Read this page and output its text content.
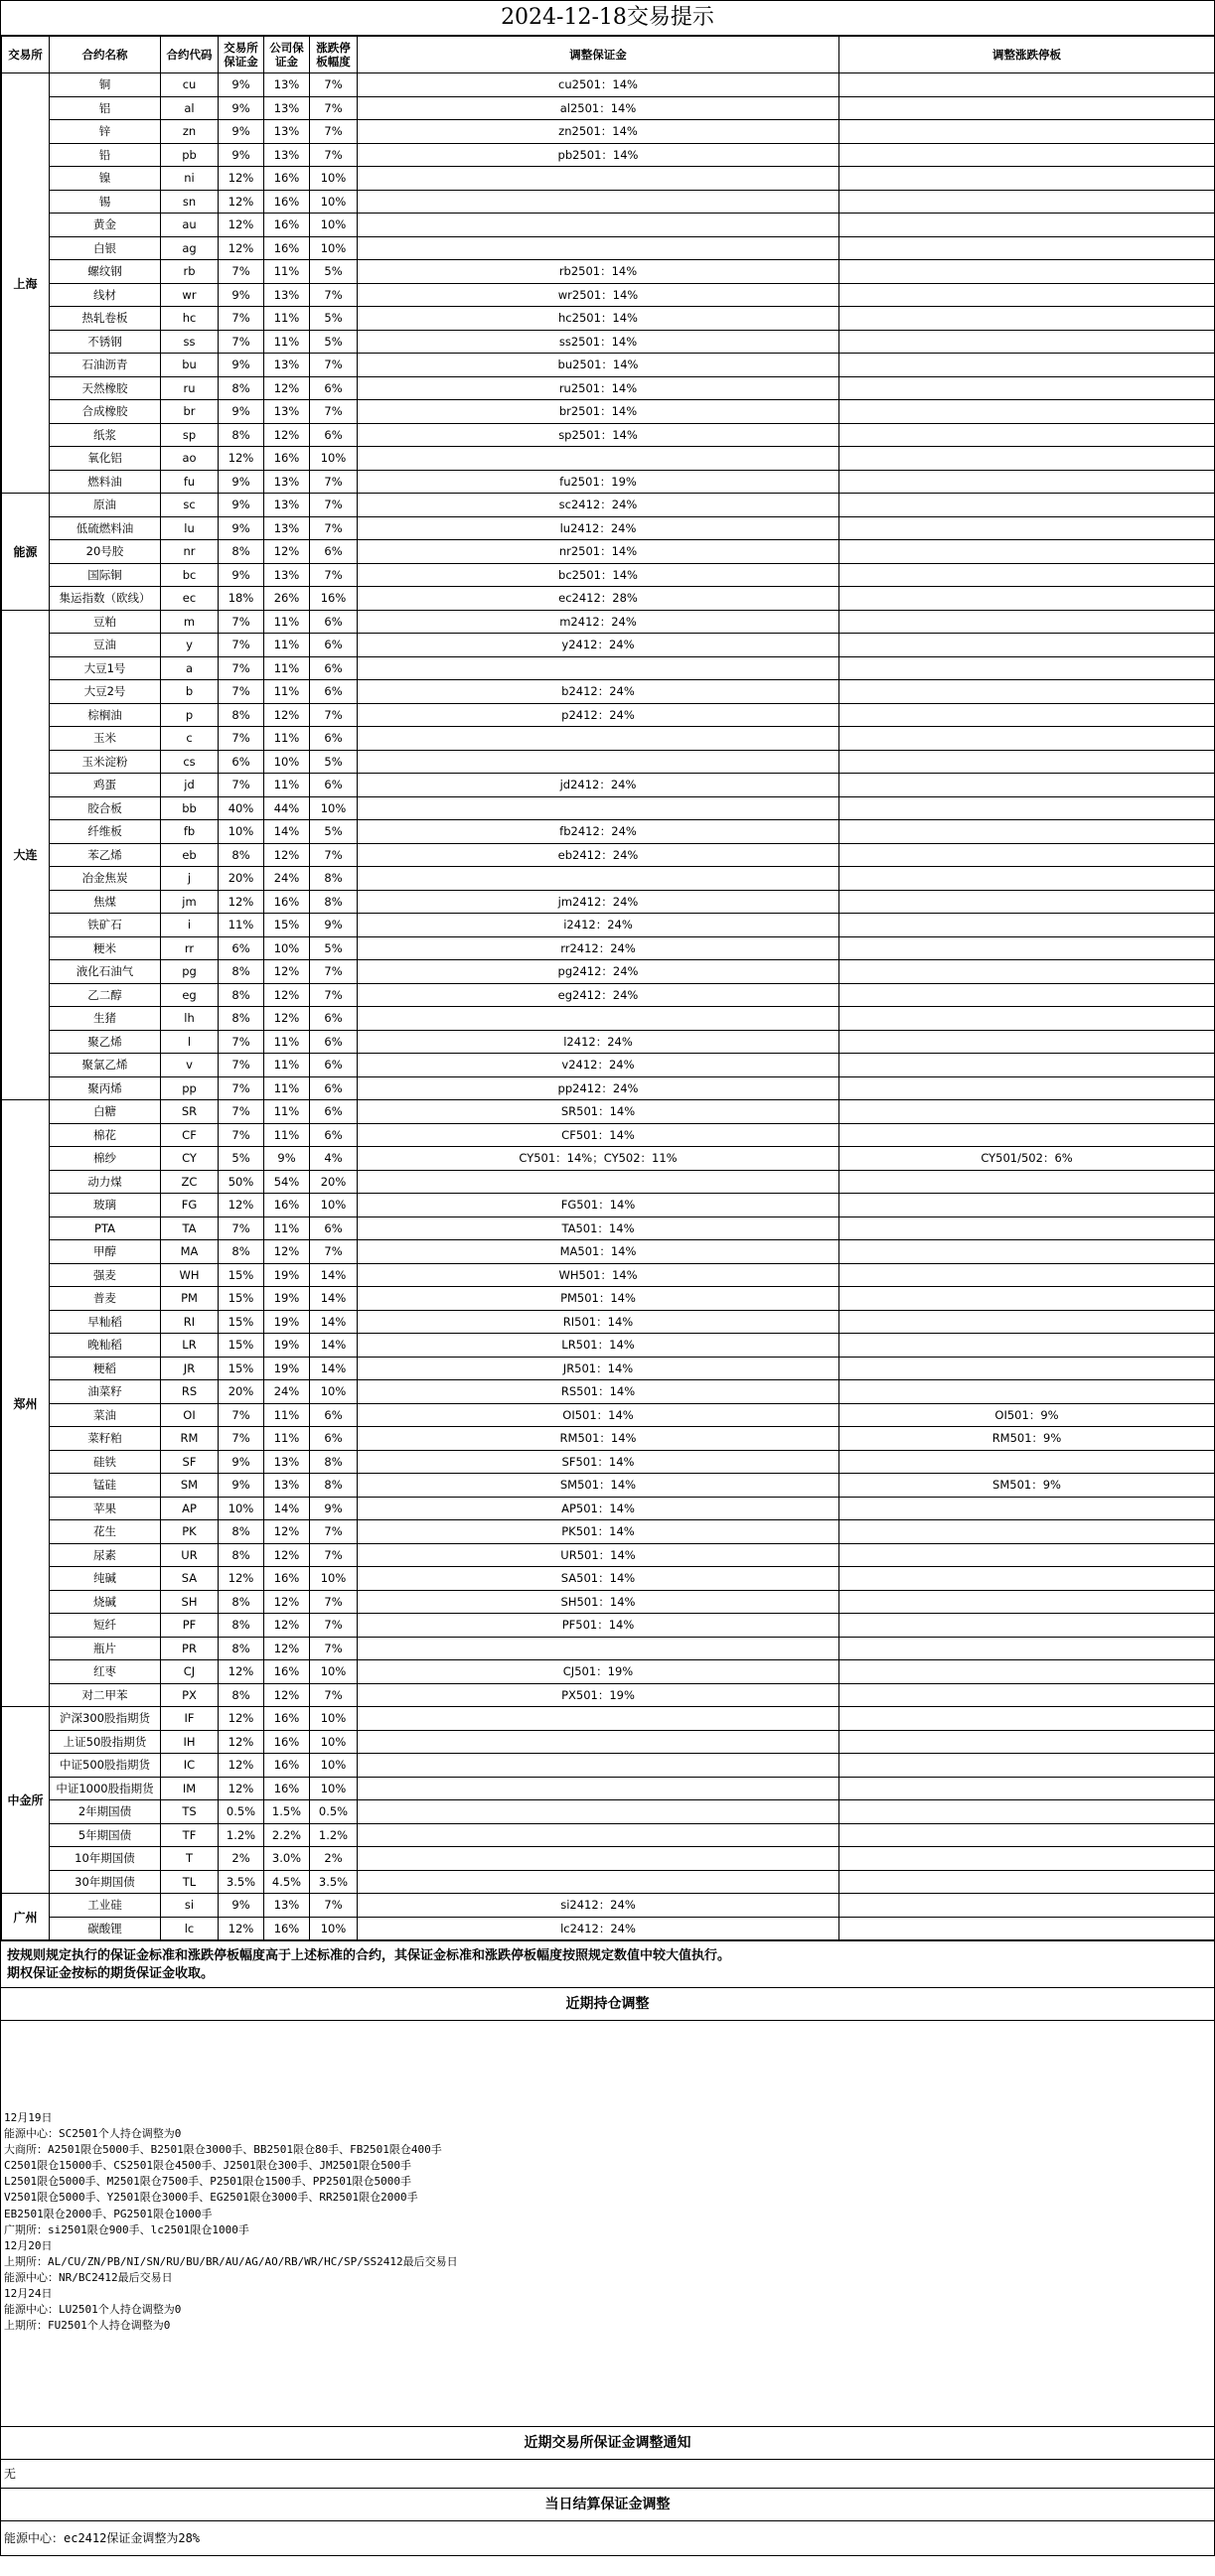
2024-12-18交易提示
交易所	合约名称	合约代码	交易所保证金	公司保证金	涨跌停板幅度	调整保证金	调整涨跌停板
上海	铜	cu	9%	13%	7%	cu2501：14%	
	铝	al	9%	13%	7%	al2501：14%	
	锌	zn	9%	13%	7%	zn2501：14%	
	铅	pb	9%	13%	7%	pb2501：14%	
	镍	ni	12%	16%	10%		
	锡	sn	12%	16%	10%		
	黄金	au	12%	16%	10%		
	白银	ag	12%	16%	10%		
	螺纹钢	rb	7%	11%	5%	rb2501：14%	
	线材	wr	9%	13%	7%	wr2501：14%	
	热轧卷板	hc	7%	11%	5%	hc2501：14%	
	不锈钢	ss	7%	11%	5%	ss2501：14%	
	石油沥青	bu	9%	13%	7%	bu2501：14%	
	天然橡胶	ru	8%	12%	6%	ru2501：14%	
	合成橡胶	br	9%	13%	7%	br2501：14%	
	纸浆	sp	8%	12%	6%	sp2501：14%	
	氧化铝	ao	12%	16%	10%		
	燃料油	fu	9%	13%	7%	fu2501：19%	
能源	原油	sc	9%	13%	7%	sc2412：24%	
	低硫燃料油	lu	9%	13%	7%	lu2412：24%	
	20号胶	nr	8%	12%	6%	nr2501：14%	
	国际铜	bc	9%	13%	7%	bc2501：14%	
	集运指数（欧线）	ec	18%	26%	16%	ec2412：28%	
大连	豆粕	m	7%	11%	6%	m2412：24%	
	豆油	y	7%	11%	6%	y2412：24%	
	大豆1号	a	7%	11%	6%		
	大豆2号	b	7%	11%	6%	b2412：24%	
	棕榈油	p	8%	12%	7%	p2412：24%	
	玉米	c	7%	11%	6%		
	玉米淀粉	cs	6%	10%	5%		
	鸡蛋	jd	7%	11%	6%	jd2412：24%	
	胶合板	bb	40%	44%	10%		
	纤维板	fb	10%	14%	5%	fb2412：24%	
	苯乙烯	eb	8%	12%	7%	eb2412：24%	
	冶金焦炭	j	20%	24%	8%		
	焦煤	jm	12%	16%	8%	jm2412：24%	
	铁矿石	i	11%	15%	9%	i2412：24%	
	粳米	rr	6%	10%	5%	rr2412：24%	
	液化石油气	pg	8%	12%	7%	pg2412：24%	
	乙二醇	eg	8%	12%	7%	eg2412：24%	
	生猪	lh	8%	12%	6%		
	聚乙烯	l	7%	11%	6%	l2412：24%	
	聚氯乙烯	v	7%	11%	6%	v2412：24%	
	聚丙烯	pp	7%	11%	6%	pp2412：24%	
郑州	白糖	SR	7%	11%	6%	SR501：14%	
	棉花	CF	7%	11%	6%	CF501：14%	
	棉纱	CY	5%	9%	4%	CY501：14%；CY502：11%	CY501/502：6%
	动力煤	ZC	50%	54%	20%		
	玻璃	FG	12%	16%	10%	FG501：14%	
	PTA	TA	7%	11%	6%	TA501：14%	
	甲醇	MA	8%	12%	7%	MA501：14%	
	强麦	WH	15%	19%	14%	WH501：14%	
	普麦	PM	15%	19%	14%	PM501：14%	
	早籼稻	RI	15%	19%	14%	RI501：14%	
	晚籼稻	LR	15%	19%	14%	LR501：14%	
	粳稻	JR	15%	19%	14%	JR501：14%	
	油菜籽	RS	20%	24%	10%	RS501：14%	
	菜油	OI	7%	11%	6%	OI501：14%	OI501：9%
	菜籽粕	RM	7%	11%	6%	RM501：14%	RM501：9%
	硅铁	SF	9%	13%	8%	SF501：14%	
	锰硅	SM	9%	13%	8%	SM501：14%	SM501：9%
	苹果	AP	10%	14%	9%	AP501：14%	
	花生	PK	8%	12%	7%	PK501：14%	
	尿素	UR	8%	12%	7%	UR501：14%	
	纯碱	SA	12%	16%	10%	SA501：14%	
	烧碱	SH	8%	12%	7%	SH501：14%	
	短纤	PF	8%	12%	7%	PF501：14%	
	瓶片	PR	8%	12%	7%		
	红枣	CJ	12%	16%	10%	CJ501：19%	
	对二甲苯	PX	8%	12%	7%	PX501：19%	
中金所	沪深300股指期货	IF	12%	16%	10%		
	上证50股指期货	IH	12%	16%	10%		
	中证500股指期货	IC	12%	16%	10%		
	中证1000股指期货	IM	12%	16%	10%		
	2年期国债	TS	0.5%	1.5%	0.5%		
	5年期国债	TF	1.2%	2.2%	1.2%		
	10年期国债	T	2%	3.0%	2%		
	30年期国债	TL	3.5%	4.5%	3.5%		
广州	工业硅	si	9%	13%	7%	si2412：24%	
	碳酸锂	lc	12%	16%	10%	lc2412：24%	
按规则规定执行的保证金标准和涨跌停板幅度高于上述标准的合约，其保证金标准和涨跌停板幅度按照规定数值中较大值执行。
期权保证金按标的期货保证金收取。
近期持仓调整
12月19日
能源中心：SC2501个人持仓调整为0
大商所：A2501限仓5000手、B2501限仓3000手、BB2501限仓80手、FB2501限仓400手
C2501限仓15000手、CS2501限仓4500手、J2501限仓300手、JM2501限仓500手
L2501限仓5000手、M2501限仓7500手、P2501限仓1500手、PP2501限仓5000手
V2501限仓5000手、Y2501限仓3000手、EG2501限仓3000手、RR2501限仓2000手
EB2501限仓2000手、PG2501限仓1000手
广期所：si2501限仓900手、lc2501限仓1000手
12月20日
上期所：AL/CU/ZN/PB/NI/SN/RU/BU/BR/AU/AG/AO/RB/WR/HC/SP/SS2412最后交易日
能源中心：NR/BC2412最后交易日
12月24日
能源中心：LU2501个人持仓调整为0
上期所：FU2501个人持仓调整为0
近期交易所保证金调整通知
无
当日结算保证金调整
能源中心：ec2412保证金调整为28%
